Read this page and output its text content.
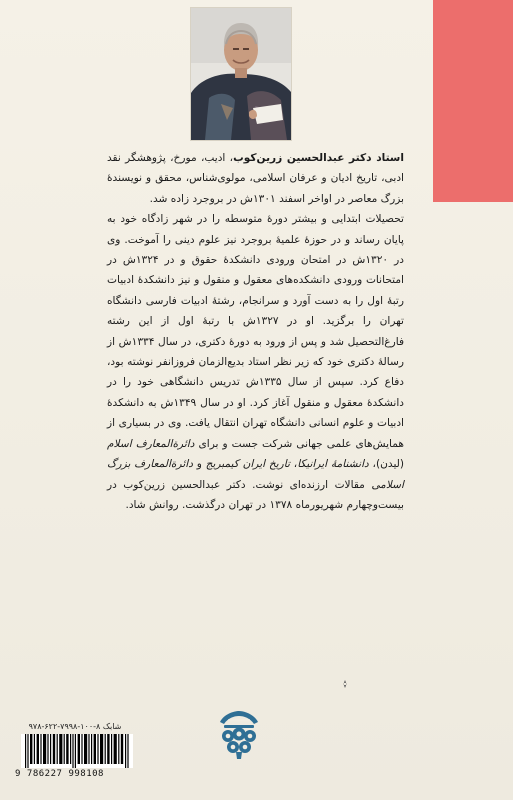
استاد دکتر عبدالحسین زرین‌کوب، ادیب، مورخ، پژوهشگر نقد ادبی، تاریخ ادیان و عرفان اسلامی، مولوی‌شناس، محقق و نویسندهٔ بزرگ معاصر در اواخر اسفند ۱۳۰۱ش در بروجرد زاده شد.

تحصیلات ابتدایی و بیشتر دورهٔ متوسطه را در شهر زادگاه خود به پایان رساند و در حوزهٔ علمیهٔ بروجرد نیز علوم دینی را آموخت. وی در ۱۳۲۰ش در امتحان ورودی دانشکدهٔ حقوق و در ۱۳۲۴ش در امتحانات ورودی دانشکده‌های معقول و منقول و نیز دانشکدهٔ ادبیات رتبهٔ اول را به دست آورد و سرانجام، رشتهٔ ادبیات فارسی دانشگاه تهران را برگزید. او در ۱۳۲۷ش با رتبهٔ اول از این رشته فارغ‌التحصیل شد و پس از ورود به دورهٔ دکتری، در سال ۱۳۳۴ش از رسالهٔ دکتری خود که زیر نظر استاد بدیع‌الزمان فروزانفر نوشته بود، دفاع کرد. سپس از سال ۱۳۳۵ش تدریس دانشگاهی خود را در دانشکدهٔ معقول و منقول آغاز کرد. او در سال ۱۳۴۹ش به دانشکدهٔ ادبیات و علوم انسانی دانشگاه تهران انتقال یافت. وی در بسیاری از همایش‌های علمی جهانی شرکت جست و برای دائرةالمعارف اسلام (لیدن)، دانشنامهٔ ایرانیکا، تاریخ ایران کیمبریج و دائرةالمعارف بزرگ اسلامی مقالات ارزنده‌ای نوشت. دکتر عبدالحسین زرین‌کوب در بیست‌وچهارم شهریورماه ۱۳۷۸ در تهران درگذشت. روانش شاد.

شابک ۸-۱۰۰-۷۹۹۸-۶۲۲-۹۷۸
9 786227 998108
